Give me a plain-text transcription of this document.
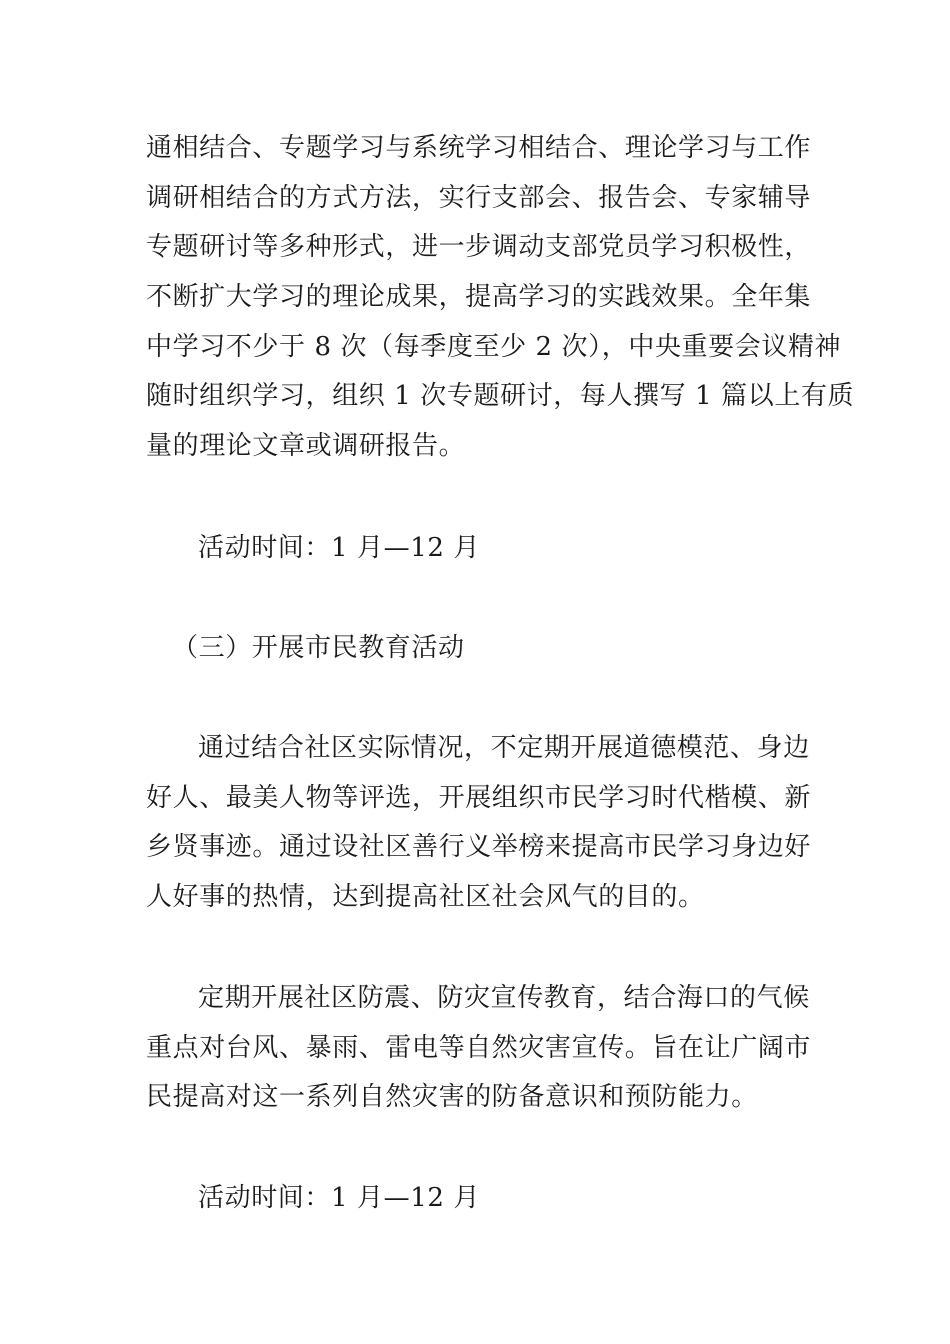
通相结合、专题学习与系统学习相结合、理论学习与工作
调研相结合的方式方法，实行支部会、报告会、专家辅导
专题研讨等多种形式，进一步调动支部党员学习积极性，
不断扩大学习的理论成果，提高学习的实践效果。全年集
中学习不少于 8 次（每季度至少 2 次），中央重要会议精神
随时组织学习，组织 1 次专题研讨，每人撰写 1 篇以上有质
量的理论文章或调研报告。
活动时间：1 月—12 月
（三）开展市民教育活动
通过结合社区实际情况，不定期开展道德模范、身边
好人、最美人物等评选，开展组织市民学习时代楷模、新
乡贤事迹。通过设社区善行义举榜来提高市民学习身边好
人好事的热情，达到提高社区社会风气的目的。
定期开展社区防震、防灾宣传教育，结合海口的气候
重点对台风、暴雨、雷电等自然灾害宣传。旨在让广阔市
民提高对这一系列自然灾害的防备意识和预防能力。
活动时间：1 月—12 月
